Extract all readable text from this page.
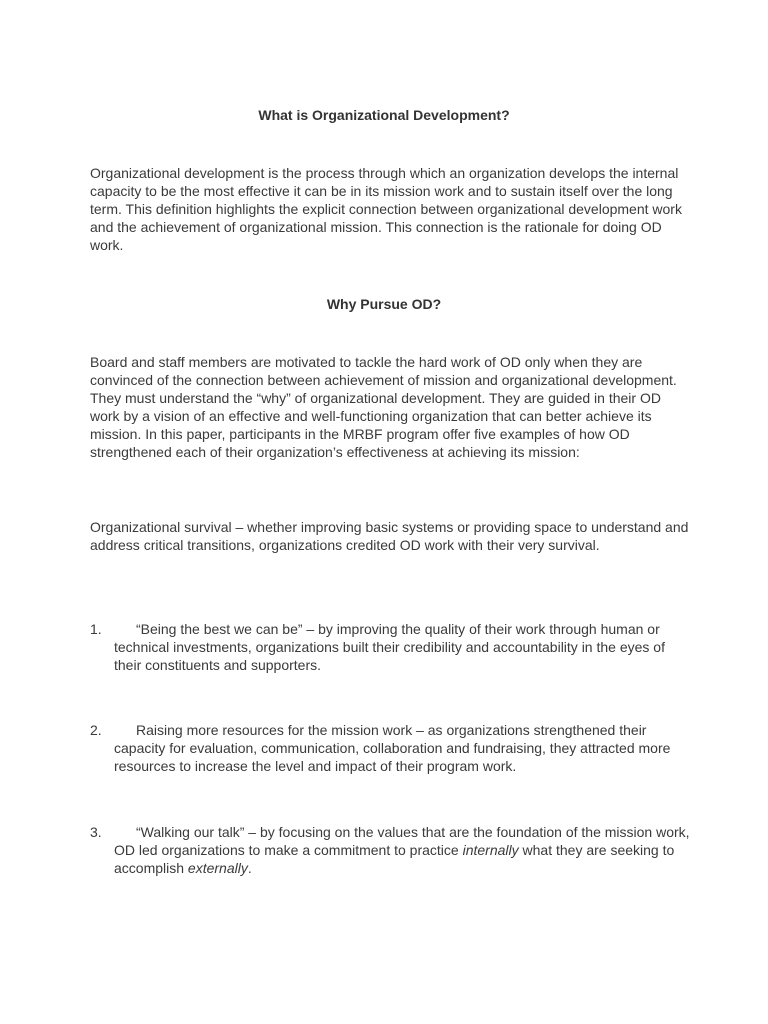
What is Organizational Development?

Organizational development is the process through which an organization develops the internal capacity to be the most effective it can be in its mission work and to sustain itself over the long term. This definition highlights the explicit connection between organizational development work and the achievement of organizational mission. This connection is the rationale for doing OD work.

Why Pursue OD?

Board and staff members are motivated to tackle the hard work of OD only when they are convinced of the connection between achievement of mission and organizational development. They must understand the “why” of organizational development. They are guided in their OD work by a vision of an effective and well-functioning organization that can better achieve its mission. In this paper, participants in the MRBF program offer five examples of how OD strengthened each of their organization’s effectiveness at achieving its mission:

Organizational survival – whether improving basic systems or providing space to understand and address critical transitions, organizations credited OD work with their very survival.

1.	“Being the best we can be” – by improving the quality of their work through human or technical investments, organizations built their credibility and accountability in the eyes of their constituents and supporters.
2.	Raising more resources for the mission work – as organizations strengthened their capacity for evaluation, communication, collaboration and fundraising, they attracted more resources to increase the level and impact of their program work.
3.	“Walking our talk” – by focusing on the values that are the foundation of the mission work, OD led organizations to make a commitment to practice internally what they are seeking to accomplish externally.
